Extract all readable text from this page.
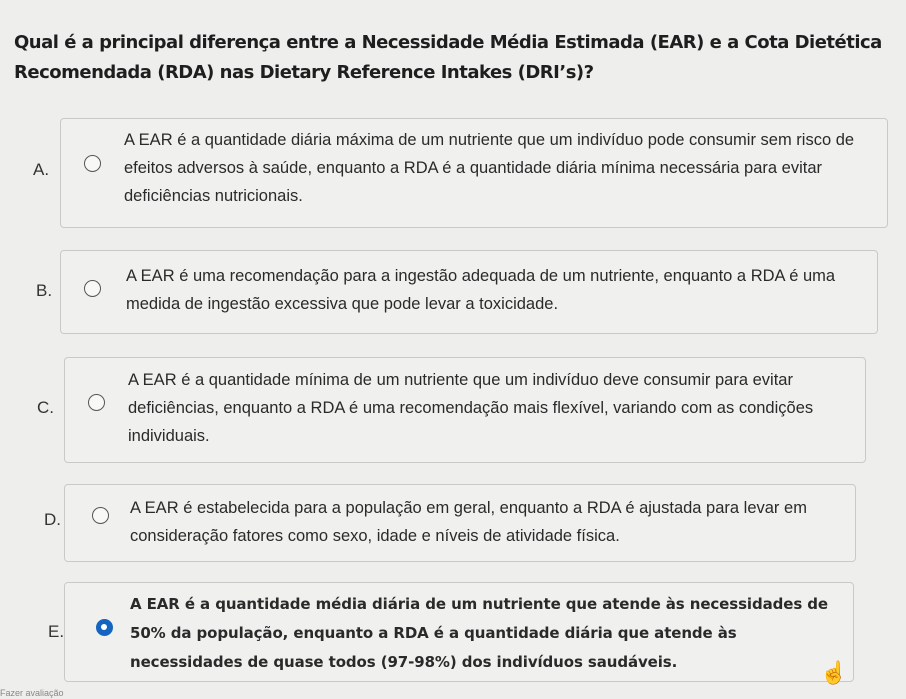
Qual é a principal diferença entre a Necessidade Média Estimada (EAR) e a Cota Dietética Recomendada (RDA) nas Dietary Reference Intakes (DRI’s)?
A.
A EAR é a quantidade diária máxima de um nutriente que um indivíduo pode consumir sem risco de efeitos adversos à saúde, enquanto a RDA é a quantidade diária mínima necessária para evitar deficiências nutricionais.
B.
A EAR é uma recomendação para a ingestão adequada de um nutriente, enquanto a RDA é uma medida de ingestão excessiva que pode levar a toxicidade.
C.
A EAR é a quantidade mínima de um nutriente que um indivíduo deve consumir para evitar deficiências, enquanto a RDA é uma recomendação mais flexível, variando com as condições individuais.
D.
A EAR é estabelecida para a população em geral, enquanto a RDA é ajustada para levar em consideração fatores como sexo, idade e níveis de atividade física.
E.
A EAR é a quantidade média diária de um nutriente que atende às necessidades de 50% da população, enquanto a RDA é a quantidade diária que atende às necessidades de quase todos (97-98%) dos indivíduos saudáveis.	☝
Fazer avaliação
